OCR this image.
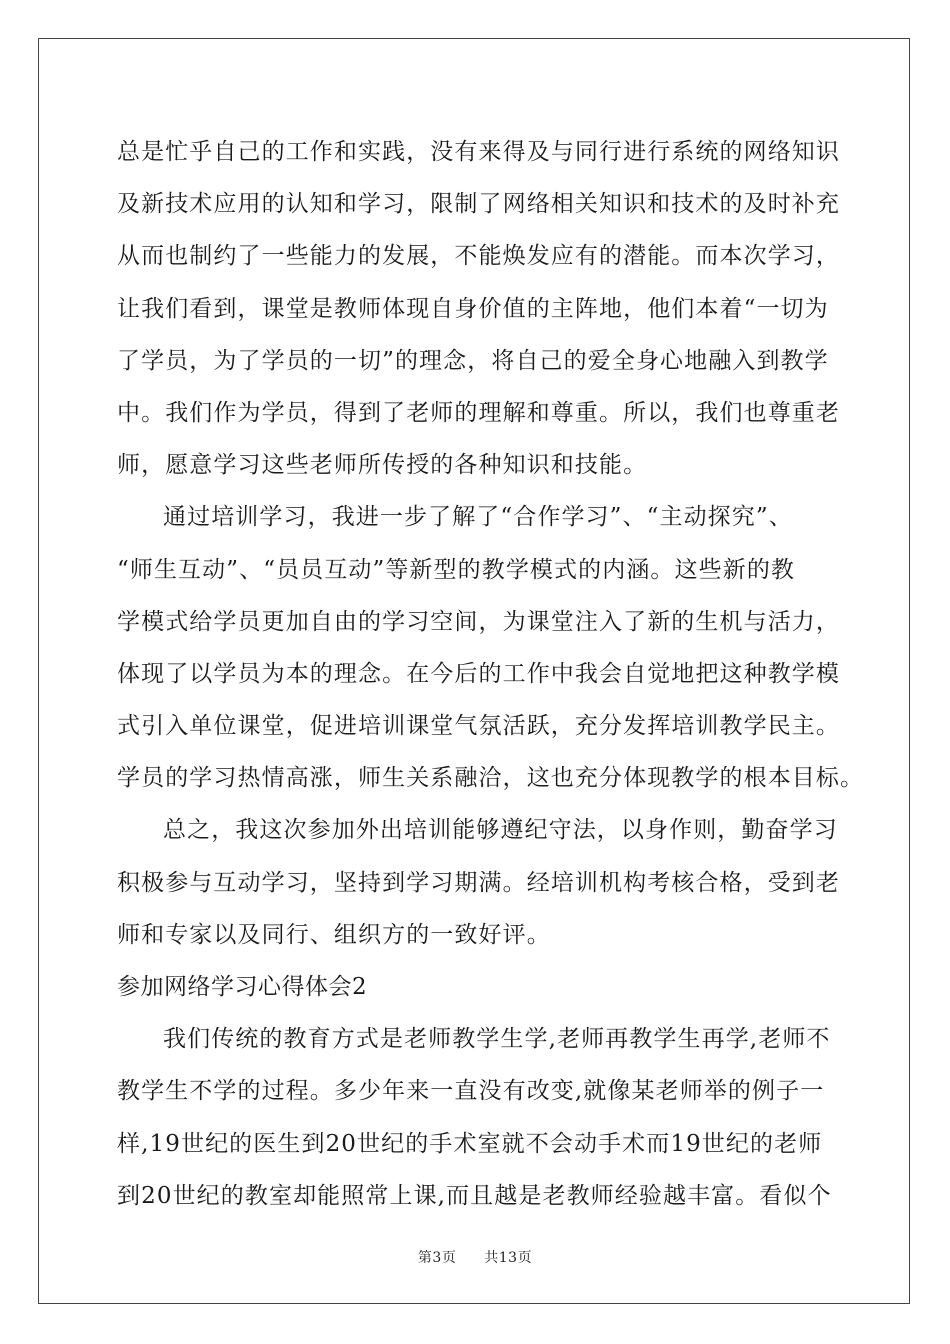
总是忙乎自己的工作和实践，没有来得及与同行进行系统的网络知识
及新技术应用的认知和学习，限制了网络相关知识和技术的及时补充
从而也制约了一些能力的发展，不能焕发应有的潜能。而本次学习，
让我们看到，课堂是教师体现自身价值的主阵地，他们本着“一切为
了学员，为了学员的一切”的理念，将自己的爱全身心地融入到教学
中。我们作为学员，得到了老师的理解和尊重。所以，我们也尊重老
师，愿意学习这些老师所传授的各种知识和技能。
通过培训学习，我进一步了解了“合作学习”、“主动探究”、
“师生互动”、“员员互动”等新型的教学模式的内涵。这些新的教
学模式给学员更加自由的学习空间，为课堂注入了新的生机与活力，
体现了以学员为本的理念。在今后的工作中我会自觉地把这种教学模
式引入单位课堂，促进培训课堂气氛活跃，充分发挥培训教学民主。
学员的学习热情高涨，师生关系融洽，这也充分体现教学的根本目标。
总之，我这次参加外出培训能够遵纪守法，以身作则，勤奋学习
积极参与互动学习，坚持到学习期满。经培训机构考核合格，受到老
师和专家以及同行、组织方的一致好评。
参加网络学习心得体会2
我们传统的教育方式是老师教学生学,老师再教学生再学,老师不
教学生不学的过程。多少年来一直没有改变,就像某老师举的例子一
样,19世纪的医生到20世纪的手术室就不会动手术而19世纪的老师
到20世纪的教室却能照常上课,而且越是老教师经验越丰富。看似个
第3页 共13页
